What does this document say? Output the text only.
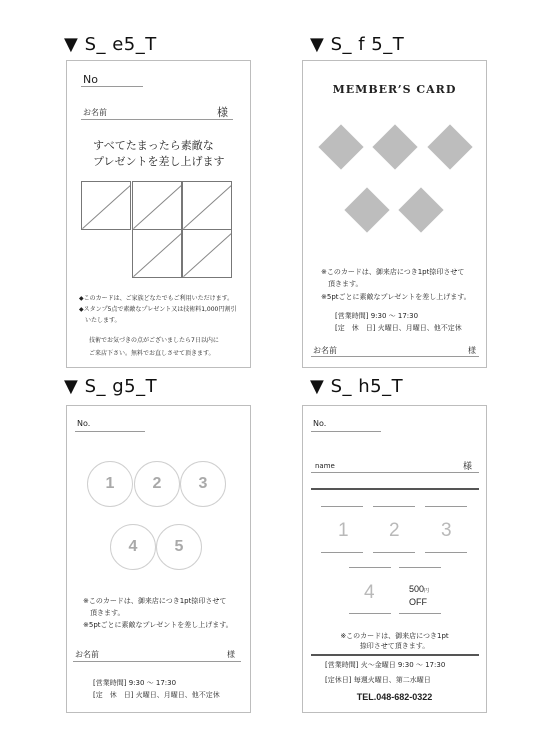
▼ S_ e5_T	▼ S_ f 5_T
▼ S_ g5_T	▼ S_ h5_T
No
お名前	様
すべてたまったら素敵な
プレゼントを差し上げます
◆このカードは、ご家族どなたでもご利用いただけます。
◆スタンプ5点で素敵なプレゼント又は技術料1,000円割引
　いたします。
技術でお気づきの点がございましたら7日以内に
ご来店下さい。無料でお直しさせて頂きます。
MEMBER’S CARD
※このカードは、御来店につき1pt捺印させて
　頂きます。
※5ptごとに素敵なプレゼントを差し上げます。
[営業時間] 9:30 〜 17:30
[定　休　日] 火曜日、月曜日、他不定休
お名前	様
No.
1	2	3
4	5
※このカードは、御来店につき1pt捺印させて
　頂きます。
※5ptごとに素敵なプレゼントを差し上げます。
お名前	様
[営業時間] 9:30 〜 17:30
[定　休　日] 火曜日、月曜日、他不定休
No.
name	様
1 2 3
4	500円
OFF
※このカードは、御来店につき1pt
捺印させて頂きます。
[営業時間] 火〜金曜日 9:30 〜 17:30
[定休日] 毎週火曜日、第二水曜日
TEL.048-682-0322
